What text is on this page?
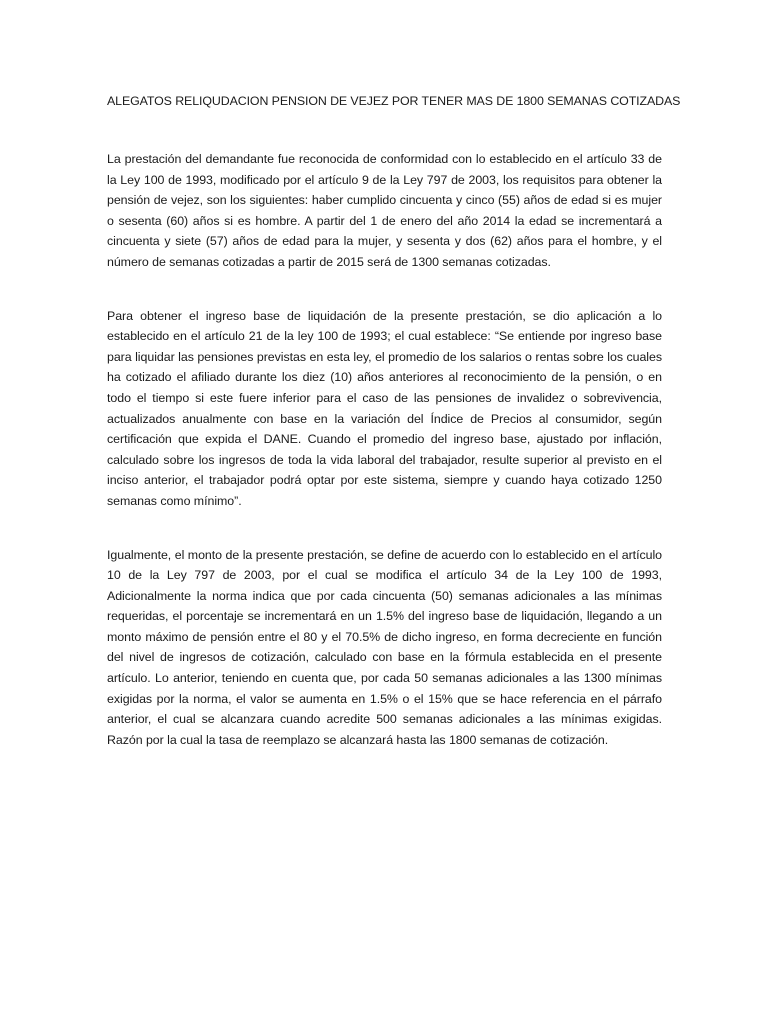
ALEGATOS RELIQUDACION PENSION DE VEJEZ POR TENER MAS DE 1800 SEMANAS COTIZADAS

La prestación del demandante fue reconocida de conformidad con lo establecido en el artículo 33 de la Ley 100 de 1993, modificado por el artículo 9 de la Ley 797 de 2003, los requisitos para obtener la pensión de vejez, son los siguientes: haber cumplido cincuenta y cinco (55) años de edad si es mujer o sesenta (60) años si es hombre. A partir del 1 de enero del año 2014 la edad se incrementará a cincuenta y siete (57) años de edad para la mujer, y sesenta y dos (62) años para el hombre, y el número de semanas cotizadas a partir de 2015 será de 1300 semanas cotizadas.

Para obtener el ingreso base de liquidación de la presente prestación, se dio aplicación a lo establecido en el artículo 21 de la ley 100 de 1993; el cual establece: “Se entiende por ingreso base para liquidar las pensiones previstas en esta ley, el promedio de los salarios o rentas sobre los cuales ha cotizado el afiliado durante los diez (10) años anteriores al reconocimiento de la pensión, o en todo el tiempo si este fuere inferior para el caso de las pensiones de invalidez o sobrevivencia, actualizados anualmente con base en la variación del Índice de Precios al consumidor, según certificación que expida el DANE. Cuando el promedio del ingreso base, ajustado por inflación, calculado sobre los ingresos de toda la vida laboral del trabajador, resulte superior al previsto en el inciso anterior, el trabajador podrá optar por este sistema, siempre y cuando haya cotizado 1250 semanas como mínimo”.

Igualmente, el monto de la presente prestación, se define de acuerdo con lo establecido en el artículo 10 de la Ley 797 de 2003, por el cual se modifica el artículo 34 de la Ley 100 de 1993, Adicionalmente la norma indica que por cada cincuenta (50) semanas adicionales a las mínimas requeridas, el porcentaje se incrementará en un 1.5% del ingreso base de liquidación, llegando a un monto máximo de pensión entre el 80 y el 70.5% de dicho ingreso, en forma decreciente en función del nivel de ingresos de cotización, calculado con base en la fórmula establecida en el presente artículo. Lo anterior, teniendo en cuenta que, por cada 50 semanas adicionales a las 1300 mínimas exigidas por la norma, el valor se aumenta en 1.5% o el 15% que se hace referencia en el párrafo anterior, el cual se alcanzara cuando acredite 500 semanas adicionales a las mínimas exigidas. Razón por la cual la tasa de reemplazo se alcanzará hasta las 1800 semanas de cotización.
